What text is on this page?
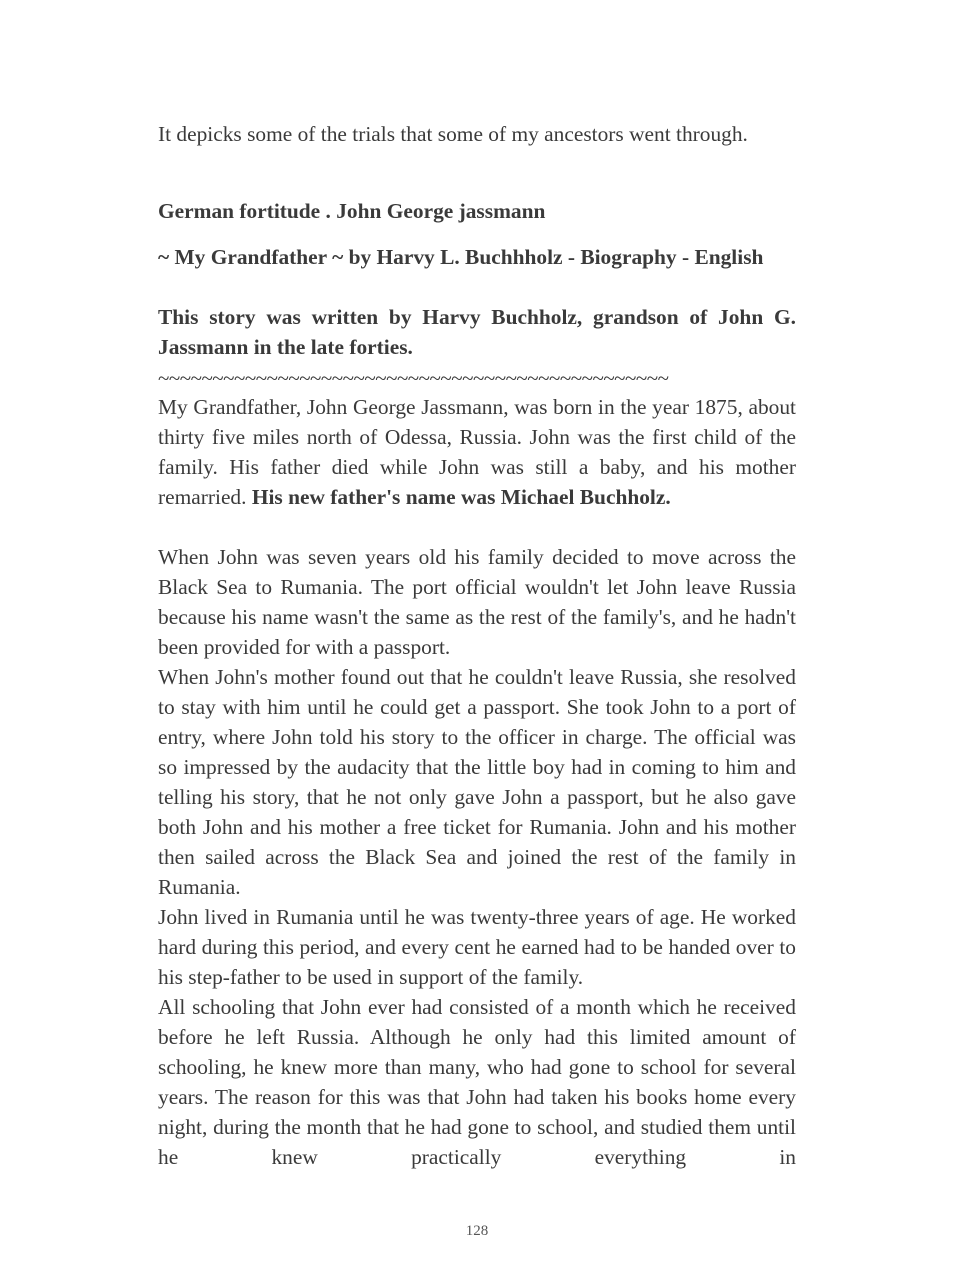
It depicks some of the trials that some of my ancestors went through.

German fortitude . John George jassmann

~ My Grandfather ~ by Harvy L. Buchhholz - Biography - English

This story was written by Harvy Buchholz, grandson of John G. Jassmann in the late forties.

~~~~~~~~~~~~~~~~~~~~~~~~~~~~~~~~~~~~~~~~~~~~~~~

My Grandfather, John George Jassmann, was born in the year 1875, about thirty five miles north of Odessa, Russia. John was the first child of the family. His father died while John was still a baby, and his mother remarried. His new father's name was Michael Buchholz.

When John was seven years old his family decided to move across the Black Sea to Rumania. The port official wouldn't let John leave Russia because his name wasn't the same as the rest of the family's, and he hadn't been provided for with a passport.

When John's mother found out that he couldn't leave Russia, she resolved to stay with him until he could get a passport. She took John to a port of entry, where John told his story to the officer in charge. The official was so impressed by the audacity that the little boy had in coming to him and telling his story, that he not only gave John a passport, but he also gave both John and his mother a free ticket for Rumania. John and his mother then sailed across the Black Sea and joined the rest of the family in Rumania.

John lived in Rumania until he was twenty-three years of age. He worked hard during this period, and every cent he earned had to be handed over to his step-father to be used in support of the family.

All schooling that John ever had consisted of a month which he received before he left Russia. Although he only had this limited amount of schooling, he knew more than many, who had gone to school for several years. The reason for this was that John had taken his books home every night, during the month that he had gone to school, and studied them until he knew practically everything in

128
